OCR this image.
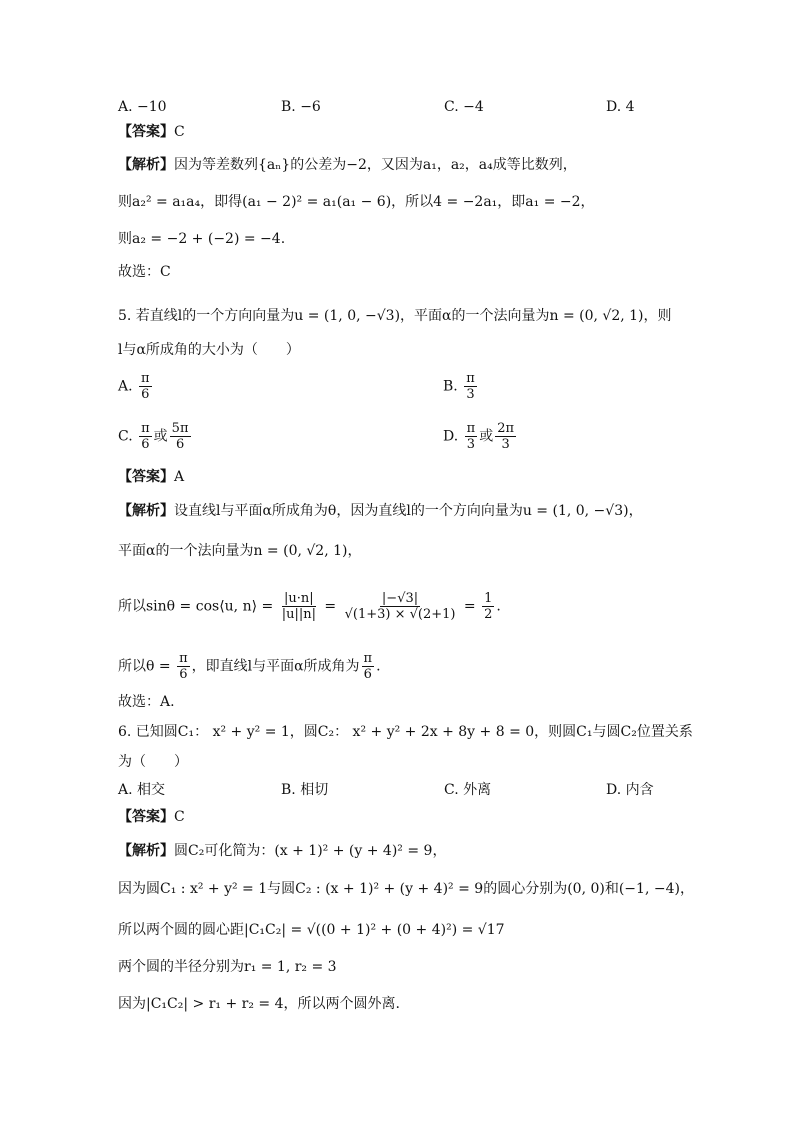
A. −10	B. −6	C. −4	D. 4
【答案】C
【解析】因为等差数列{aₙ}的公差为−2，又因为a₁，a₂，a₄成等比数列，
则a₂² = a₁a₄，即得(a₁ − 2)² = a₁(a₁ − 6)，所以4 = −2a₁，即a₁ = −2，
则a₂ = −2 + (−2) = −4.
故选：C
5. 若直线l的一个方向向量为u = (1, 0, −√3)，平面α的一个法向量为n = (0, √2, 1)，则
l与α所成角的大小为（　　）
A. $\frac{\pi}{6}$	B. $\frac{\pi}{3}$
C. $\frac{\pi}{6}$ 或 $\frac{5\pi}{6}$	D. $\frac{\pi}{3}$ 或 $\frac{2\pi}{3}$
【答案】A
【解析】设直线l与平面α所成角为θ，因为直线l的一个方向向量为u = (1, 0, −√3)，
平面α的一个法向量为n = (0, √2, 1)，
所以sinθ = cos⟨u, n⟩ = $\frac{|u\cdot n|}{|u||n|} = \frac{|-√3|}{√(1+3) \times √(2+1)} = \frac{1}{2}$ .
所以$\theta = \frac{\pi}{6}$ ，即直线l与平面α所成角为 $\frac{\pi}{6}$ .
故选：A.
6. 已知圆C₁： x² + y² = 1，圆C₂： x² + y² + 2x + 8y + 8 = 0，则圆C₁与圆C₂位置关系
为（　　）
A. 相交	B. 相切	C. 外离	D. 内含
【答案】C
【解析】圆C₂可化简为：(x + 1)² + (y + 4)² = 9，
因为圆C₁ : x² + y² = 1与圆C₂ : (x + 1)² + (y + 4)² = 9的圆心分别为(0, 0)和(−1, −4)，
所以两个圆的圆心距|C₁C₂| = √((0 + 1)² + (0 + 4)²) = √17
两个圆的半径分别为r₁ = 1, r₂ = 3
因为|C₁C₂| > r₁ + r₂ = 4，所以两个圆外离.
